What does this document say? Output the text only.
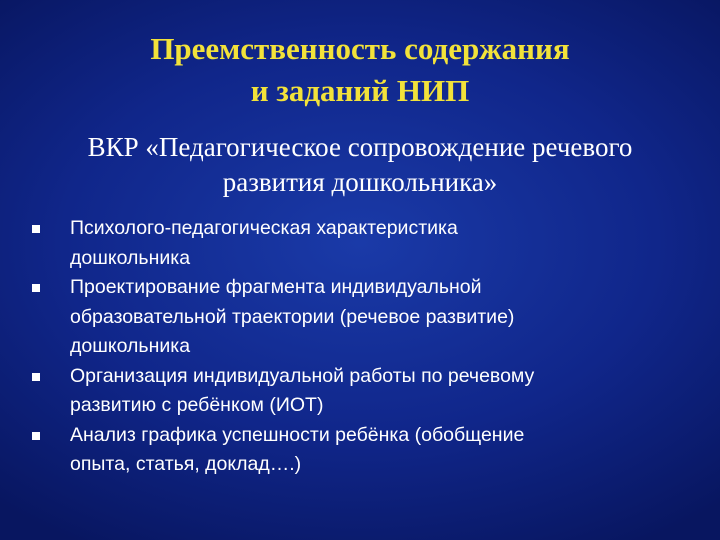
Преемственность содержания
и заданий НИП
ВКР «Педагогическое сопровождение речевого
развития дошкольника»
Психолого-педагогическая характеристика
дошкольника
Проектирование фрагмента индивидуальной
образовательной траектории (речевое развитие)
дошкольника
Организация индивидуальной работы по речевому
развитию с ребёнком (ИОТ)
Анализ графика успешности ребёнка (обобщение
опыта, статья, доклад….)
